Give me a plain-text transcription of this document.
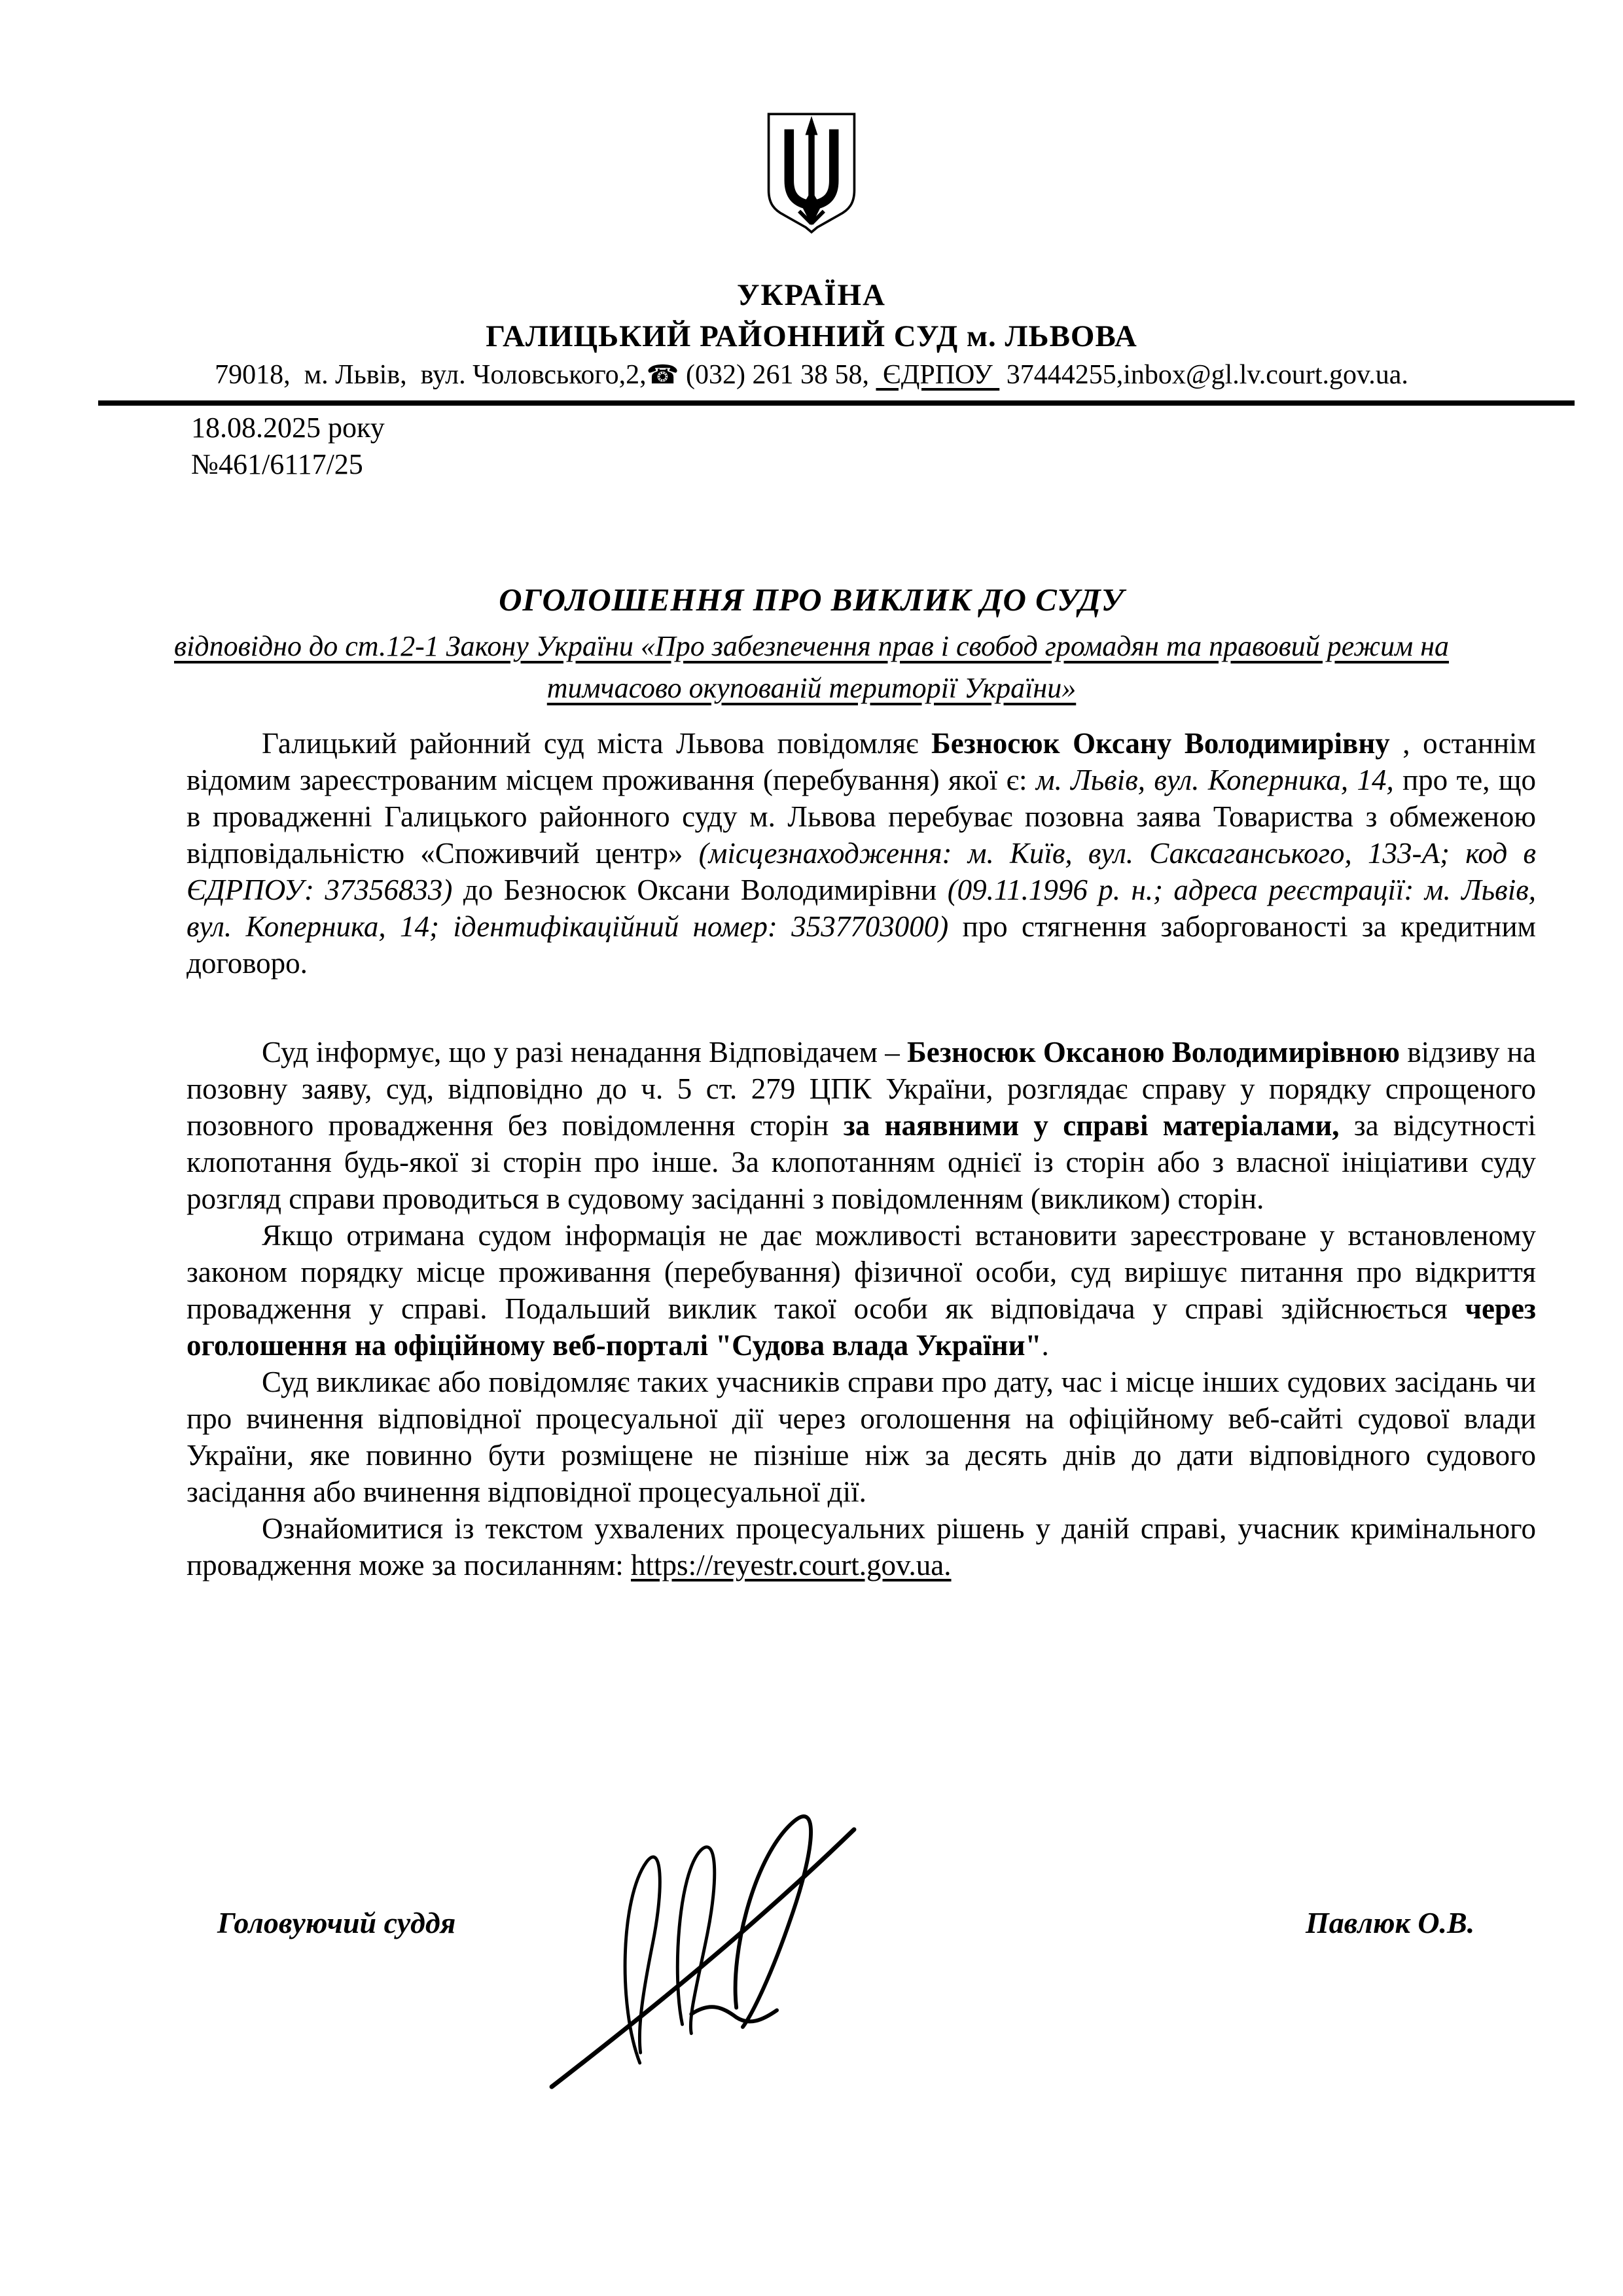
УКРАЇНА
ГАЛИЦЬКИЙ РАЙОННИЙ СУД м. ЛЬВОВА
79018,  м. Львів,  вул. Чоловського,2,☎ (032) 261 38 58,  ЄДРПОУ  37444255,inbox@gl.lv.court.gov.ua.
18.08.2025 року
№461/6117/25
ОГОЛОШЕННЯ ПРО ВИКЛИК ДО СУДУ
відповідно до ст.12-1 Закону України «Про забезпечення прав і свобод громадян та правовий режим на тимчасово окупованій території України»

Галицький районний суд міста Львова повідомляє Безносюк Оксану Володимирівну , останнім відомим зареєстрованим місцем проживання (перебування) якої є: м. Львів, вул. Коперника, 14, про те, що в провадженні Галицького районного суду м. Львова перебуває позовна заява Товариства з обмеженою відповідальністю «Споживчий центр» (місцезнаходження: м. Київ, вул. Саксаганського, 133-А; код в ЄДРПОУ: 37356833) до Безносюк Оксани Володимирівни (09.11.1996 р. н.; адреса реєстрації: м. Львів, вул. Коперника, 14; ідентифікаційний номер: 3537703000) про стягнення заборгованості за кредитним договоро.

Суд інформує, що у разі ненадання Відповідачем – Безносюк Оксаною Володимирівною відзиву на позовну заяву, суд, відповідно до ч. 5 ст. 279 ЦПК України, розглядає справу у порядку спрощеного позовного провадження без повідомлення сторін за наявними у справі матеріалами, за відсутності клопотання будь-якої зі сторін про інше. За клопотанням однієї із сторін або з власної ініціативи суду розгляд справи проводиться в судовому засіданні з повідомленням (викликом) сторін.

Якщо отримана судом інформація не дає можливості встановити зареєстроване у встановленому законом порядку місце проживання (перебування) фізичної особи, суд вирішує питання про відкриття провадження у справі. Подальший виклик такої особи як відповідача у справі здійснюється через оголошення на офіційному веб-порталі "Судова влада України".

Суд викликає або повідомляє таких учасників справи про дату, час і місце інших судових засідань чи про вчинення відповідної процесуальної дії через оголошення на офіційному веб-сайті судової влади України, яке повинно бути розміщене не пізніше ніж за десять днів до дати відповідного судового засідання або вчинення відповідної процесуальної дії.

Ознайомитися із текстом ухвалених процесуальних рішень у даній справі, учасник кримінального провадження може за посиланням: https://reyestr.court.gov.ua.

Головуючий суддя	Павлюк О.В.
